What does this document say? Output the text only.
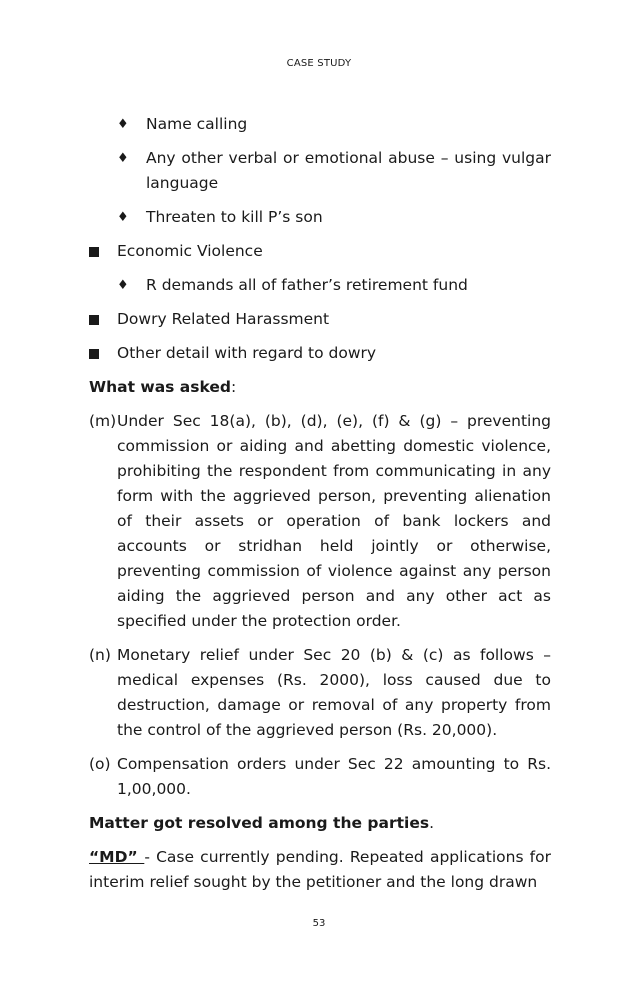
CASE STUDY
♦ Name calling
♦ Any other verbal or emotional abuse – using vulgar language
♦ Threaten to kill P’s son
Economic Violence
♦ R demands all of father’s retirement fund
Dowry Related Harassment
Other detail with regard to dowry
What was asked:
(m) Under Sec 18(a), (b), (d), (e), (f) & (g) – preventing commission or aiding and abetting domestic violence, prohibiting the respondent from communicating in any form with the aggrieved person, preventing alienation of their assets or operation of bank lockers and accounts or stridhan held jointly or otherwise, preventing commission of violence against any person aiding the aggrieved person and any other act as specified under the protection order.
(n) Monetary relief under Sec 20 (b) & (c) as follows – medical expenses (Rs. 2000), loss caused due to destruction, damage or removal of any property from the control of the aggrieved person (Rs. 20,000).
(o) Compensation orders under Sec 22 amounting to Rs. 1,00,000.
Matter got resolved among the parties.
“MD” - Case currently pending. Repeated applications for interim relief sought by the petitioner and the long drawn
53
